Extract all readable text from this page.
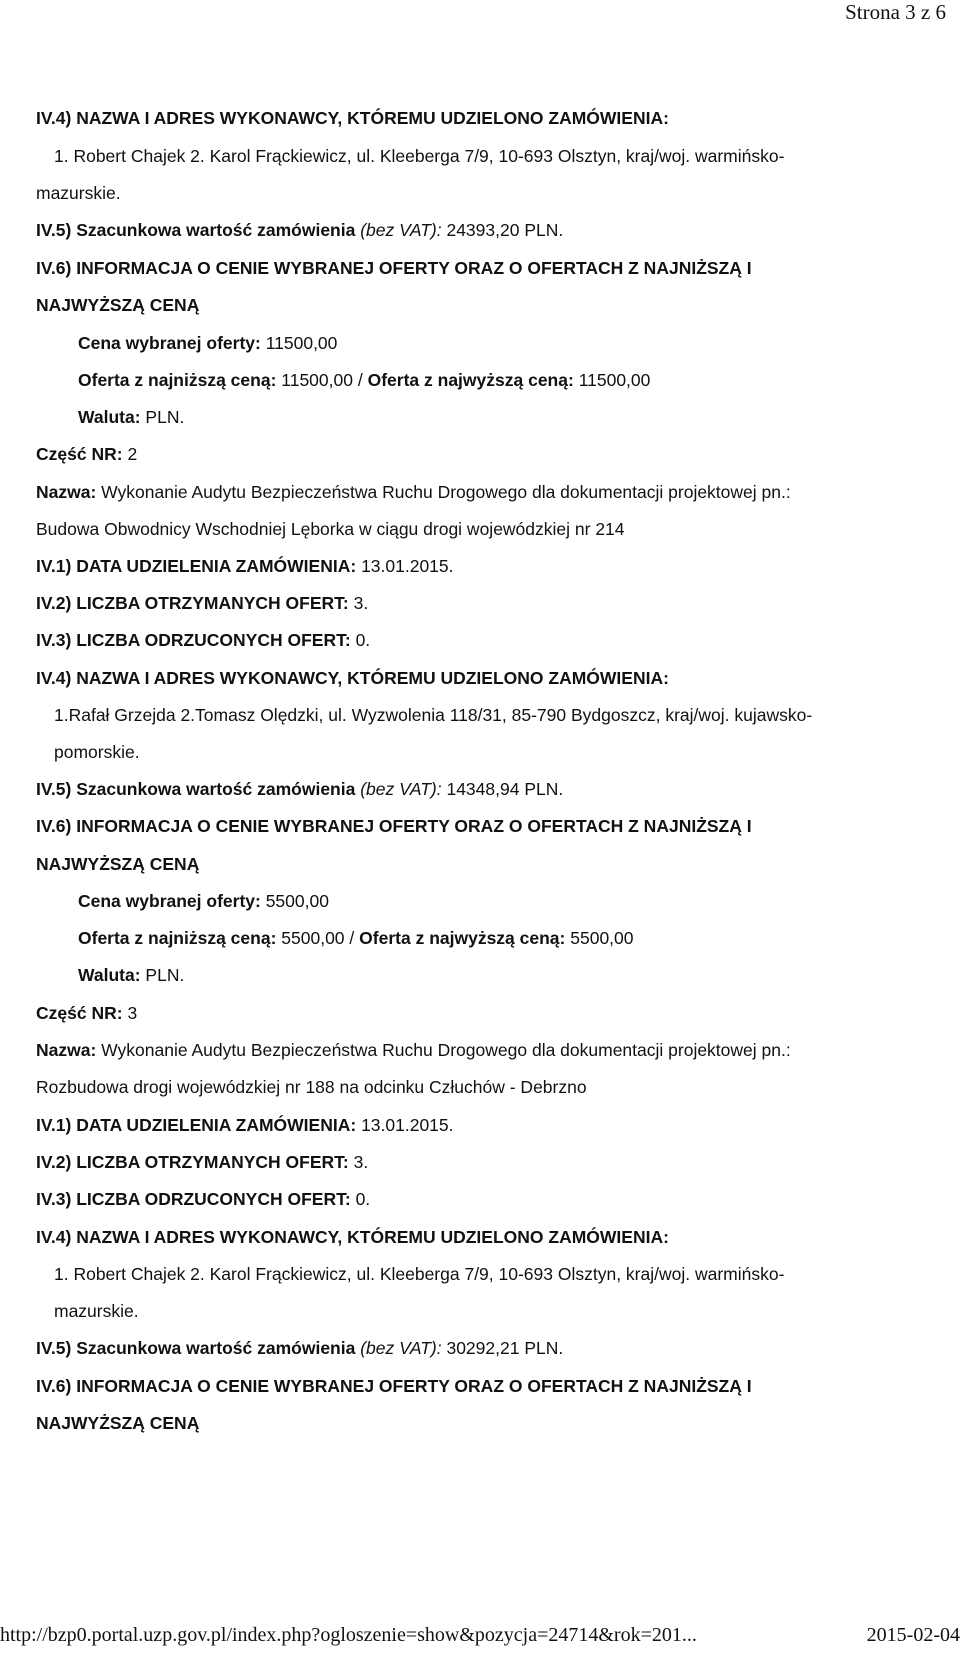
Strona 3 z 6
IV.4) NAZWA I ADRES WYKONAWCY, KTÓREMU UDZIELONO ZAMÓWIENIA:
1. Robert Chajek 2. Karol Frąckiewicz, ul. Kleeberga 7/9, 10-693 Olsztyn, kraj/woj. warmińsko-
mazurskie.
IV.5) Szacunkowa wartość zamówienia (bez VAT): 24393,20 PLN.
IV.6) INFORMACJA O CENIE WYBRANEJ OFERTY ORAZ O OFERTACH Z NAJNIŻSZĄ I
NAJWYŻSZĄ CENĄ
Cena wybranej oferty: 11500,00
Oferta z najniższą ceną: 11500,00 / Oferta z najwyższą ceną: 11500,00
Waluta: PLN.
Część NR: 2
Nazwa: Wykonanie Audytu Bezpieczeństwa Ruchu Drogowego dla dokumentacji projektowej pn.:
Budowa Obwodnicy Wschodniej Lęborka w ciągu drogi wojewódzkiej nr 214
IV.1) DATA UDZIELENIA ZAMÓWIENIA: 13.01.2015.
IV.2) LICZBA OTRZYMANYCH OFERT: 3.
IV.3) LICZBA ODRZUCONYCH OFERT: 0.
IV.4) NAZWA I ADRES WYKONAWCY, KTÓREMU UDZIELONO ZAMÓWIENIA:
1.Rafał Grzejda 2.Tomasz Olędzki, ul. Wyzwolenia 118/31, 85-790 Bydgoszcz, kraj/woj. kujawsko-
pomorskie.
IV.5) Szacunkowa wartość zamówienia (bez VAT): 14348,94 PLN.
IV.6) INFORMACJA O CENIE WYBRANEJ OFERTY ORAZ O OFERTACH Z NAJNIŻSZĄ I
NAJWYŻSZĄ CENĄ
Cena wybranej oferty: 5500,00
Oferta z najniższą ceną: 5500,00 / Oferta z najwyższą ceną: 5500,00
Waluta: PLN.
Część NR: 3
Nazwa: Wykonanie Audytu Bezpieczeństwa Ruchu Drogowego dla dokumentacji projektowej pn.:
Rozbudowa drogi wojewódzkiej nr 188 na odcinku Człuchów - Debrzno
IV.1) DATA UDZIELENIA ZAMÓWIENIA: 13.01.2015.
IV.2) LICZBA OTRZYMANYCH OFERT: 3.
IV.3) LICZBA ODRZUCONYCH OFERT: 0.
IV.4) NAZWA I ADRES WYKONAWCY, KTÓREMU UDZIELONO ZAMÓWIENIA:
1. Robert Chajek 2. Karol Frąckiewicz, ul. Kleeberga 7/9, 10-693 Olsztyn, kraj/woj. warmińsko-
mazurskie.
IV.5) Szacunkowa wartość zamówienia (bez VAT): 30292,21 PLN.
IV.6) INFORMACJA O CENIE WYBRANEJ OFERTY ORAZ O OFERTACH Z NAJNIŻSZĄ I
NAJWYŻSZĄ CENĄ
http://bzp0.portal.uzp.gov.pl/index.php?ogloszenie=show&pozycja=24714&rok=201...	2015-02-04
